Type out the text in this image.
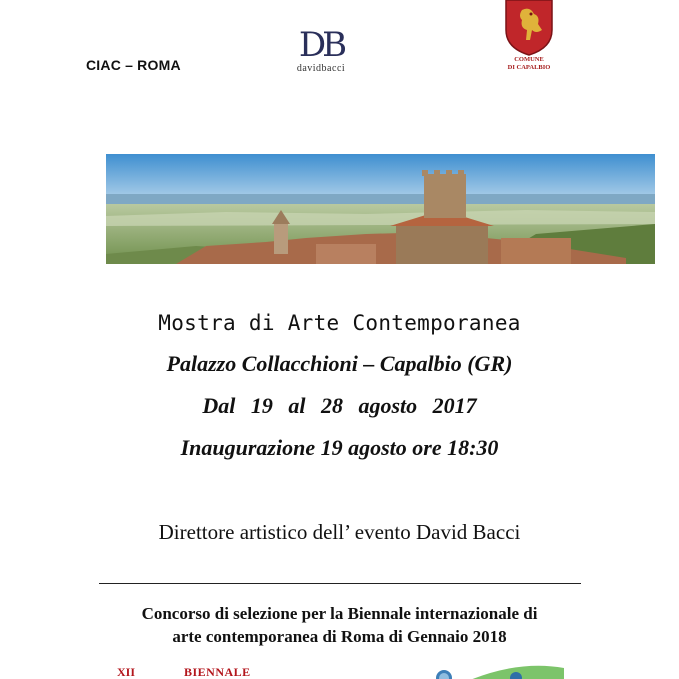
CIAC – ROMA	DB
davidbacci
COMUNE
DI CAPALBIO
Mostra di Arte Contemporanea
Palazzo Collacchioni – Capalbio (GR)
Dal 19 al 28 agosto 2017
Inaugurazione 19 agosto ore 18:30
Direttore artistico dell’ evento David Bacci
Concorso di selezione per la Biennale internazionale di
arte contemporanea di Roma di Gennaio 2018
XII	BIENNALE
